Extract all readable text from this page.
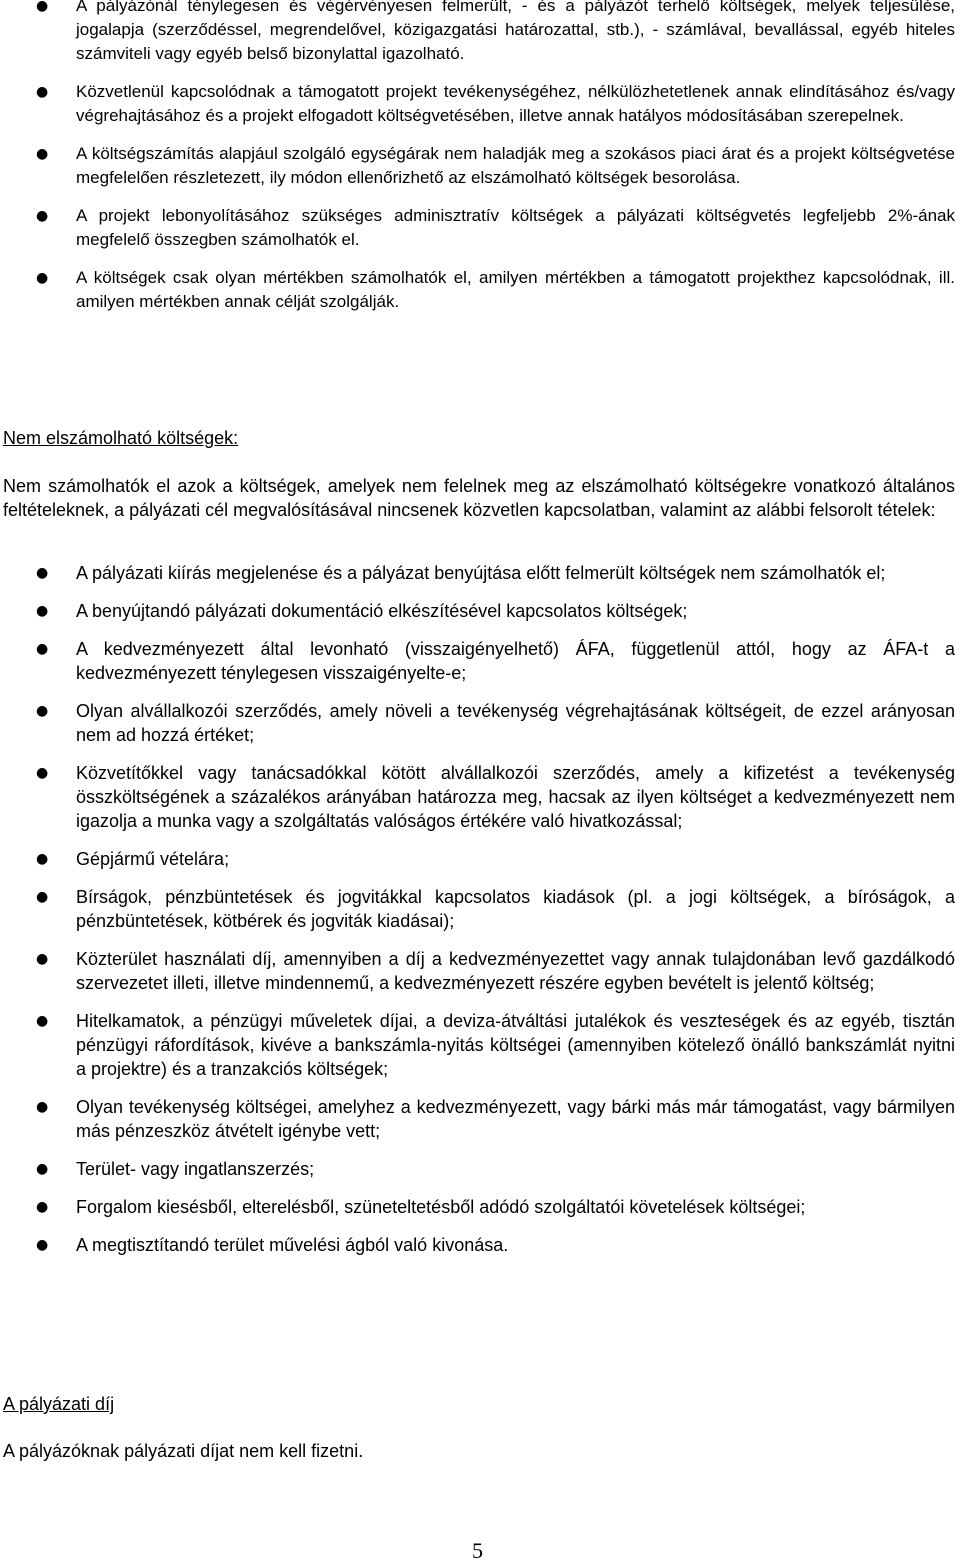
● A pályázónál ténylegesen és végérvényesen felmerült, - és a pályázót terhelő költségek, melyek teljesülése, jogalapja (szerződéssel, megrendelővel, közigazgatási határozattal, stb.), - számlával, bevallással, egyéb hiteles számviteli vagy egyéb belső bizonylattal igazolható.
● Közvetlenül kapcsolódnak a támogatott projekt tevékenységéhez, nélkülözhetetlenek annak elindításához és/vagy végrehajtásához és a projekt elfogadott költségvetésében, illetve annak hatályos módosításában szerepelnek.
● A költségszámítás alapjául szolgáló egységárak nem haladják meg a szokásos piaci árat és a projekt költségvetése megfelelően részletezett, ily módon ellenőrizhető az elszámolható költségek besorolása.
● A projekt lebonyolításához szükséges adminisztratív költségek a pályázati költségvetés legfeljebb 2%-ának megfelelő összegben számolhatók el.
● A költségek csak olyan mértékben számolhatók el, amilyen mértékben a támogatott projekthez kapcsolódnak, ill. amilyen mértékben annak célját szolgálják.
Nem elszámolható költségek:
Nem számolhatók el azok a költségek, amelyek nem felelnek meg az elszámolható költségekre vonatkozó általános feltételeknek, a pályázati cél megvalósításával nincsenek közvetlen kapcsolatban, valamint az alábbi felsorolt tételek:
● A pályázati kiírás megjelenése és a pályázat benyújtása előtt felmerült költségek nem számolhatók el;
● A benyújtandó pályázati dokumentáció elkészítésével kapcsolatos költségek;
● A kedvezményezett által levonható (visszaigényelhető) ÁFA, függetlenül attól, hogy az ÁFA-t a kedvezményezett ténylegesen visszaigényelte-e;
● Olyan alvállalkozói szerződés, amely növeli a tevékenység végrehajtásának költségeit, de ezzel arányosan nem ad hozzá értéket;
● Közvetítőkkel vagy tanácsadókkal kötött alvállalkozói szerződés, amely a kifizetést a tevékenység összköltségének a százalékos arányában határozza meg, hacsak az ilyen költséget a kedvezményezett nem igazolja a munka vagy a szolgáltatás valóságos értékére való hivatkozással;
● Gépjármű vételára;
● Bírságok, pénzbüntetések és jogvitákkal kapcsolatos kiadások (pl. a jogi költségek, a bíróságok, a pénzbüntetések, kötbérek és jogviták kiadásai);
● Közterület használati díj, amennyiben a díj a kedvezményezettet vagy annak tulajdonában levő gazdálkodó szervezetet illeti, illetve mindennemű, a kedvezményezett részére egyben bevételt is jelentő költség;
● Hitelkamatok, a pénzügyi műveletek díjai, a deviza-átváltási jutalékok és veszteségek és az egyéb, tisztán pénzügyi ráfordítások, kivéve a bankszámla-nyitás költségei (amennyiben kötelező önálló bankszámlát nyitni a projektre) és a tranzakciós költségek;
● Olyan tevékenység költségei, amelyhez a kedvezményezett, vagy bárki más már támogatást, vagy bármilyen más pénzeszköz átvételt igénybe vett;
● Terület- vagy ingatlanszerzés;
● Forgalom kiesésből, elterelésből, szüneteltetésből adódó szolgáltatói követelések költségei;
● A megtisztítandó terület művelési ágból való kivonása.
A pályázati díj
A pályázóknak pályázati díjat nem kell fizetni.
5
